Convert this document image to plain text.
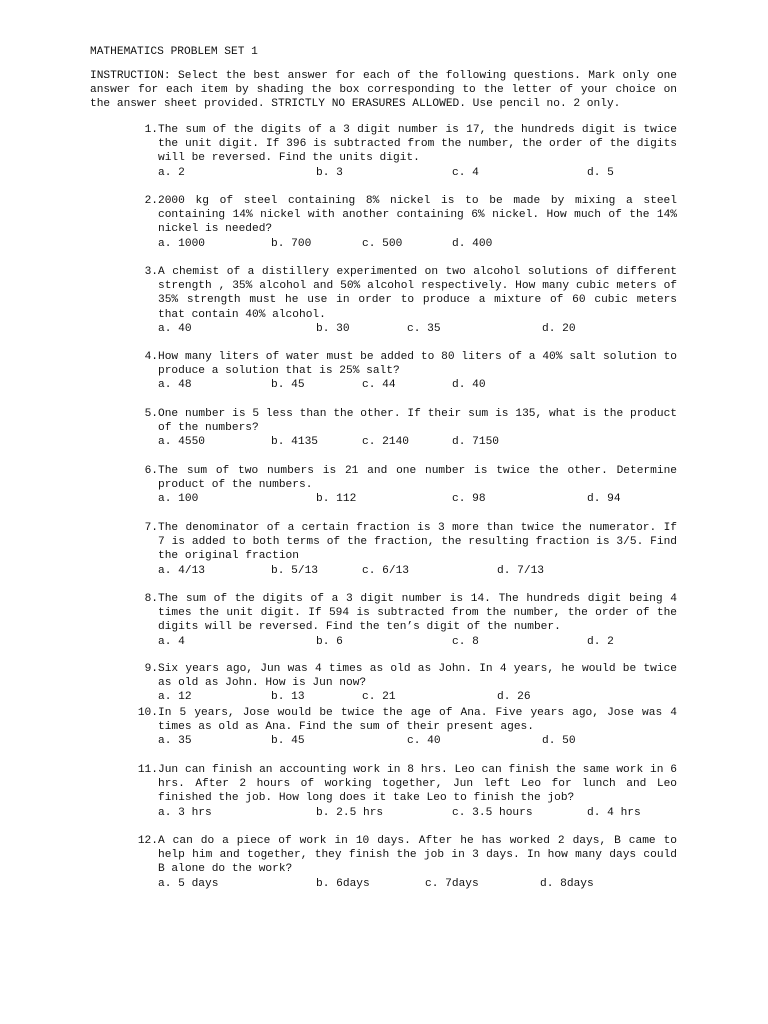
MATHEMATICS PROBLEM SET 1
INSTRUCTION: Select the best answer for each of the following questions. Mark only one answer for each item by shading the box corresponding to the letter of your choice on the answer sheet provided. STRICTLY NO ERASURES ALLOWED. Use pencil no. 2 only.
1. The sum of the digits of a 3 digit number is 17, the hundreds digit is twice the unit digit. If 396 is subtracted from the number, the order of the digits will be reversed. Find the units digit.
a. 2	b. 3	c. 4	d. 5
2. 2000 kg of steel containing 8% nickel is to be made by mixing a steel containing 14% nickel with another containing 6% nickel. How much of the 14% nickel is needed?
a. 1000	b. 700	c. 500	d. 400
3. A chemist of a distillery experimented on two alcohol solutions of different strength , 35% alcohol and 50% alcohol respectively. How many cubic meters of 35% strength must he use in order to produce a mixture of 60 cubic meters that contain 40% alcohol.
a. 40	b. 30	c. 35	d. 20
4. How many liters of water must be added to 80 liters of a 40% salt solution to produce a solution that is 25% salt?
a. 48	b. 45	c. 44	d. 40
5. One number is 5 less than the other. If their sum is 135, what is the product of the numbers?
a. 4550	b. 4135	c. 2140	d. 7150
6. The sum of two numbers is 21 and one number is twice the other. Determine product of the numbers.
a. 100	b. 112	c. 98	d. 94
7. The denominator of a certain fraction is 3 more than twice the numerator. If 7 is added to both terms of the fraction, the resulting fraction is 3/5. Find the original fraction
a. 4/13	b. 5/13	c. 6/13	d. 7/13
8. The sum of the digits of a 3 digit number is 14. The hundreds digit being 4 times the unit digit. If 594 is subtracted from the number, the order of the digits will be reversed. Find the ten’s digit of the number.
a. 4	b. 6	c. 8	d. 2
9. Six years ago, Jun was 4 times as old as John. In 4 years, he would be twice as old as John. How is Jun now?
a. 12	b. 13	c. 21	d. 26
10. In 5 years, Jose would be twice the age of Ana. Five years ago, Jose was 4 times as old as Ana. Find the sum of their present ages.
a. 35	b. 45	c. 40	d. 50
11. Jun can finish an accounting work in 8 hrs. Leo can finish the same work in 6 hrs. After 2 hours of working together, Jun left Leo for lunch and Leo finished the job. How long does it take Leo to finish the job?
a. 3 hrs	b. 2.5 hrs	c. 3.5 hours	d. 4 hrs
12. A can do a piece of work in 10 days. After he has worked 2 days, B came to help him and together, they finish the job in 3 days. In how many days could B alone do the work?
a. 5 days	b. 6days	c. 7days	d. 8days
